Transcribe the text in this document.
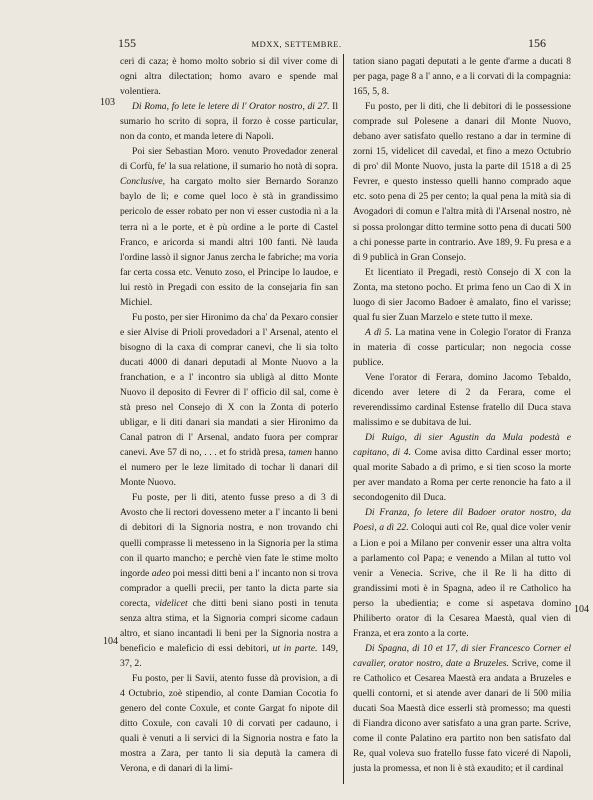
155	MDXX, SETTEMBRE.	156
103
104
104

ceri di caza; è homo molto sobrio si dil viver come di ogni altra dilectation; homo avaro e spende mal volentiera.

Di Roma, fo lete le letere di l' Orator nostro, di 27. Il sumario ho scrito di sopra, il forzo è cosse particular, non da conto, et manda letere di Napoli.

Poi sier Sebastian Moro. venuto Provedador zeneral di Corfù, fe' la sua relatione, il sumario ho notà di sopra. Conclusive, ha cargato molto sier Bernardo Soranzo baylo de lì; e come quel loco è stà in grandissimo pericolo de esser robato per non vi esser custodia nì a la terra nì a le porte, et è pù ordine a le porte di Castel Franco, e aricorda si mandi altri 100 fanti. Nè lauda l'ordine lassò il signor Janus zercha le fabriche; ma voria far certa cossa etc. Venuto zoso, el Principe lo laudoe, e lui restò in Pregadi con essito de la consejaria fin san Michiel.

Fu posto, per sier Hironimo da cha' da Pexaro consier e sier Alvise di Prioli provedadori a l' Arsenal, atento el bisogno di la caxa di comprar canevi, che li sia tolto ducati 4000 di danari deputadi al Monte Nuovo a la franchation, e a l' incontro sia ubligà al ditto Monte Nuovo il deposito di Fevrer di l' officio dil sal, come è stà preso nel Consejo di X con la Zonta di poterlo ubligar, e li diti danari sia mandati a sier Hironimo da Canal patron di l' Arsenal, andato fuora per comprar canevi. Ave 57 di no, . . . et fo stridà presa, tamen hanno el numero per le leze limitado di tochar li danari dil Monte Nuovo.

Fu poste, per li diti, atento fusse preso a dì 3 di Avosto che li rectori dovesseno meter a l' incanto li beni di debitori di la Signoria nostra, e non trovando chi quelli comprasse li metesseno in la Signoria per la stima con il quarto mancho; e perchè vien fate le stime molto ingorde adeo poi messi ditti beni a l' incanto non si trova comprador a quelli precii, per tanto la dicta parte sia corecta, videlicet che ditti beni siano posti in tenuta senza altra stima, et la Signoria compri sicome cadaun altro, et siano incantadi li beni per la Signoria nostra a beneficio e maleficio di essi debitori, ut in parte. 149, 37, 2.

Fu posto, per li Savii, atento fusse dà provision, a dì 4 Octubrio, zoè stipendio, al conte Damian Cocotia fo genero del conte Coxule, et conte Gargat fo nipote dil ditto Coxule, con cavali 10 di corvati per cadauno, i quali è venuti a li servici di la Signoria nostra e fato la mostra a Zara, per tanto li sia deputà la camera di Verona, e di danari di la limi-

tation siano pagati deputati a le gente d'arme a ducati 8 per paga, page 8 a l' anno, e a li corvati di la compagnia: 165, 5, 8.

Fu posto, per li diti, che li debitori di le possessione comprade sul Polesene a danari dil Monte Nuovo, debano aver satisfato quello restano a dar in termine di zorni 15, videlicet dil cavedal, et fino a mezo Octubrio di pro' dil Monte Nuovo, justa la parte dil 1518 a dì 25 Fevrer, e questo instesso quelli hanno comprado aque etc. soto pena di 25 per cento; la qual pena la mità sia di Avogadori di comun e l'altra mità di l'Arsenal nostro, nè si possa prolongar ditto termine sotto pena di ducati 500 a chi ponesse parte in contrario. Ave 189, 9. Fu presa e a dì 9 publicà in Gran Consejo.

Et licentiato il Pregadi, restò Consejo di X con la Zonta, ma stetono pocho. Et prima feno un Cao di X in luogo di sier Jacomo Badoer è amalato, fino el varisse; qual fu sier Zuan Marzelo e stete tutto il mexe.

A dì 5. La matina vene in Colegio l'orator di Franza in materia di cosse particular; non negocia cosse publice.

Vene l'orator di Ferara, domino Jacomo Tebaldo, dicendo aver letere di 2 da Ferara, come el reverendissimo cardinal Estense fratello dil Duca stava malissimo e se dubitava de lui.

Di Ruigo, di sier Agustin da Mula podestà e capitano, di 4. Come avisa ditto Cardinal esser morto; qual morite Sabado a dì primo, e si tien scoso la morte per aver mandato a Roma per certe renoncie ha fato a il secondogenito dil Duca.

Di Franza, fo letere dil Badoer orator nostro, da Poesì, a dì 22. Coloqui auti col Re, qual dice voler venir a Lion e poi a Milano per convenir esser una altra volta a parlamento col Papa; e venendo a Milan al tutto vol venir a Venecia. Scrive, che il Re li ha ditto di grandissimi moti è in Spagna, adeo il re Catholico ha perso la ubedientia; e come si aspetava domino Philiberto orator di la Cesarea Maestà, qual vien di Franza, et era zonto a la corte.

Di Spagna, di 10 et 17, di sier Francesco Corner el cavalier, orator nostro, date a Bruzeles. Scrive, come il re Catholico et Cesarea Maestà era andata a Bruzeles e quelli contorni, et si atende aver danari de li 500 milia ducati Soa Maestà dice esserli stà promesso; ma questi di Fiandra dicono aver satisfato a una gran parte. Scrive, come il conte Palatino era partito non ben satisfato dal Re, qual voleva suo fratello fusse fato viceré di Napoli, justa la promessa, et non li è stà exaudito; et il cardinal
